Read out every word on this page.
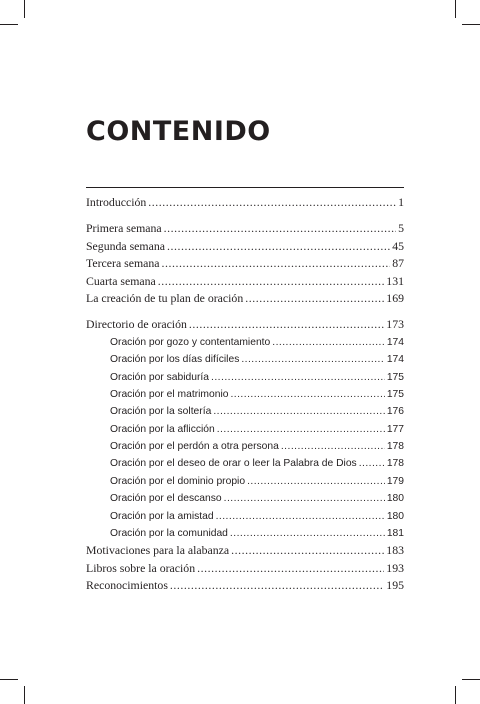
CONTENIDO
Introducción . . .	1
Primera semana . . .	5
Segunda semana . . .	45
Tercera semana . . .	87
Cuarta semana . . .	131
La creación de tu plan de oración . . .	169
Directorio de oración . . .	173
Oración por gozo y contentamiento . . .	174
Oración por los días difíciles . . .	174
Oración por sabiduría . . .	175
Oración por el matrimonio . . .	175
Oración por la soltería . . .	176
Oración por la aflicción . . .	177
Oración por el perdón a otra persona . . .	178
Oración por el deseo de orar o leer la Palabra de Dios . . .	178
Oración por el dominio propio . . .	179
Oración por el descanso . . .	180
Oración por la amistad . . .	180
Oración por la comunidad . . .	181
Motivaciones para la alabanza . . .	183
Libros sobre la oración . . .	193
Reconocimientos . . .	195
